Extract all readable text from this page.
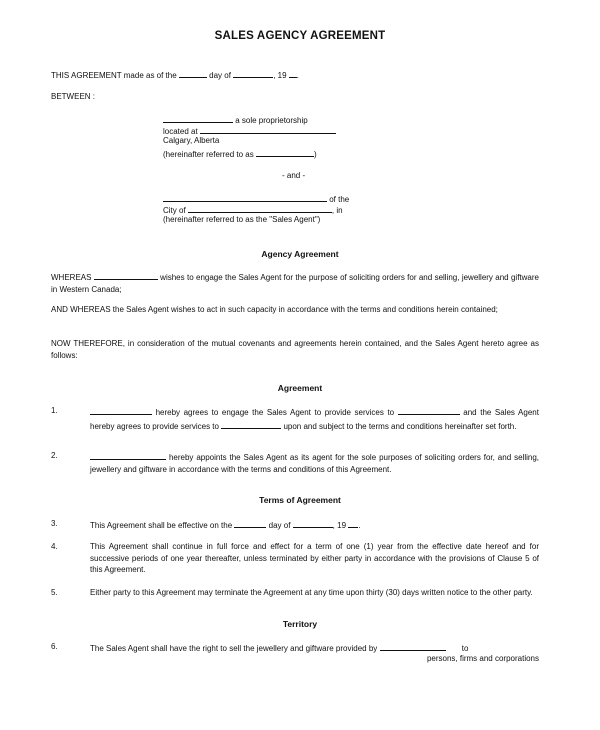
SALES AGENCY AGREEMENT
THIS AGREEMENT made as of the	day of	, 19 .
BETWEEN :
a sole proprietorship
located at
Calgary, Alberta
(hereinafter referred to as	)
- and -
of the
City of	, in
(hereinafter referred to as the "Sales Agent")
Agency Agreement
WHEREAS	wishes to engage the Sales Agent for the purpose of soliciting orders for and selling, jewellery and giftware in Western Canada;
AND WHEREAS the Sales Agent wishes to act in such capacity in accordance with the terms and conditions herein contained;
NOW THEREFORE, in consideration of the mutual covenants and agreements herein contained, and the Sales Agent hereto agree as follows:
Agreement
1.	hereby agrees to engage the Sales Agent to provide services to	and the Sales Agent hereby agrees to provide services to	upon and subject to the terms and conditions hereinafter set forth.
2.	hereby appoints the Sales Agent as its agent for the sole purposes of soliciting orders for, and selling, jewellery and giftware in accordance with the terms and conditions of this Agreement.
Terms of Agreement
3.	This Agreement shall be effective on the	day of	, 19 .
4.	This Agreement shall continue in full force and effect for a term of one (1) year from the effective date hereof and for successive periods of one year thereafter, unless terminated by either party in accordance with the provisions of Clause 5 of this Agreement.
5.	Either party to this Agreement may terminate the Agreement at any time upon thirty (30) days written notice to the other party.
Territory
6.	The Sales Agent shall have the right to sell the jewellery and giftware provided by	to
persons, firms and corporations
